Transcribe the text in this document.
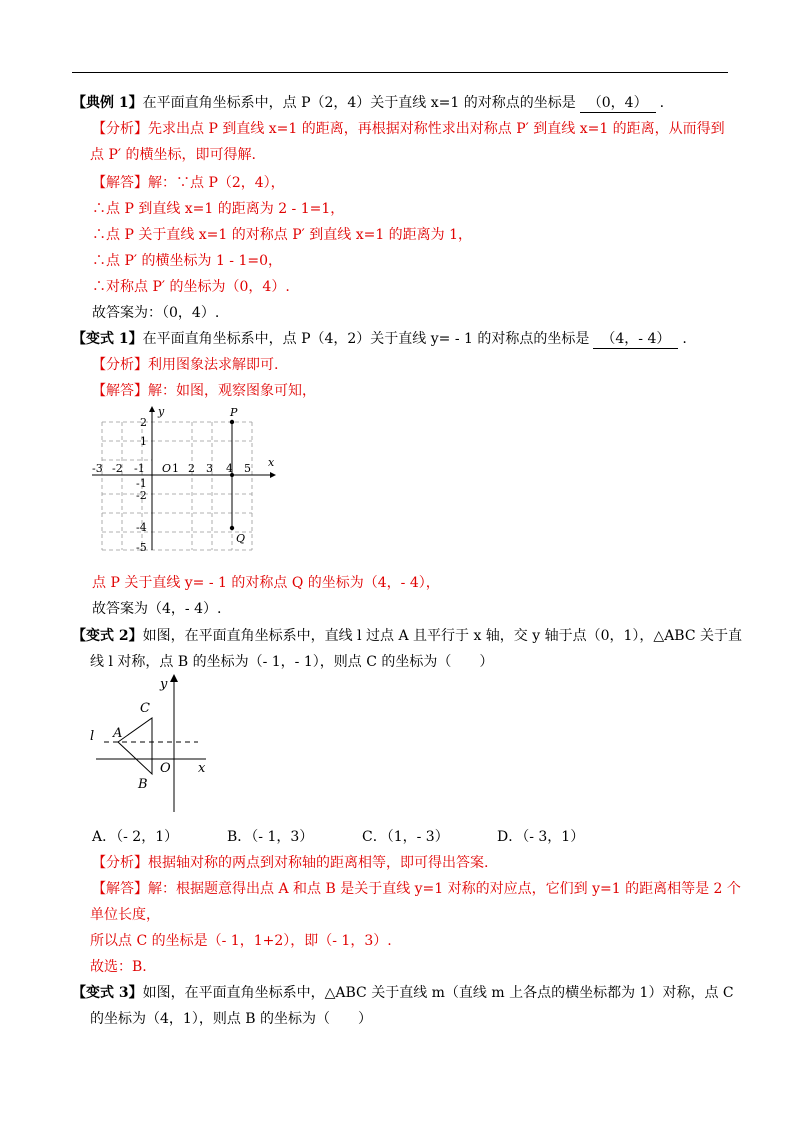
【典例 1】在平面直角坐标系中，点 P（2，4）关于直线 x=1 的对称点的坐标是 （0，4） .
【分析】先求出点 P 到直线 x=1 的距离，再根据对称性求出对称点 P′ 到直线 x=1 的距离，从而得到
点 P′ 的横坐标，即可得解.
【解答】解：∵点 P（2，4），
∴点 P 到直线 x=1 的距离为 2 - 1=1，
∴点 P 关于直线 x=1 的对称点 P′ 到直线 x=1 的距离为 1，
∴点 P′ 的横坐标为 1 - 1=0，
∴对称点 P′ 的坐标为（0，4）.
故答案为：（0，4）.
【变式 1】在平面直角坐标系中，点 P（4，2）关于直线 y= - 1 的对称点的坐标是 （4，- 4） .
【分析】利用图象法求解即可.
【解答】解：如图，观察图象可知，
y
x
O
P
Q
-3 -2 -1 1 2 3 4 5
2
1
-1
-2
-4
-5
点 P 关于直线 y= - 1 的对称点 Q 的坐标为（4，- 4），
故答案为（4，- 4）.
【变式 2】如图，在平面直角坐标系中，直线 l 过点 A 且平行于 x 轴，交 y 轴于点（0，1），△ABC 关于直
线 l 对称，点 B 的坐标为（- 1，- 1），则点 C 的坐标为（　　）
l A
C
B
O x
y
A．（- 2，1）	B．（- 1，3）	C．（1，- 3）	D．（- 3，1）
【分析】根据轴对称的两点到对称轴的距离相等，即可得出答案.
【解答】解：根据题意得出点 A 和点 B 是关于直线 y=1 对称的对应点，它们到 y=1 的距离相等是 2 个
单位长度，
所以点 C 的坐标是（- 1，1+2），即（- 1，3）.
故选：B.
【变式 3】如图，在平面直角坐标系中，△ABC 关于直线 m（直线 m 上各点的横坐标都为 1）对称，点 C
的坐标为（4，1），则点 B 的坐标为（　　）
